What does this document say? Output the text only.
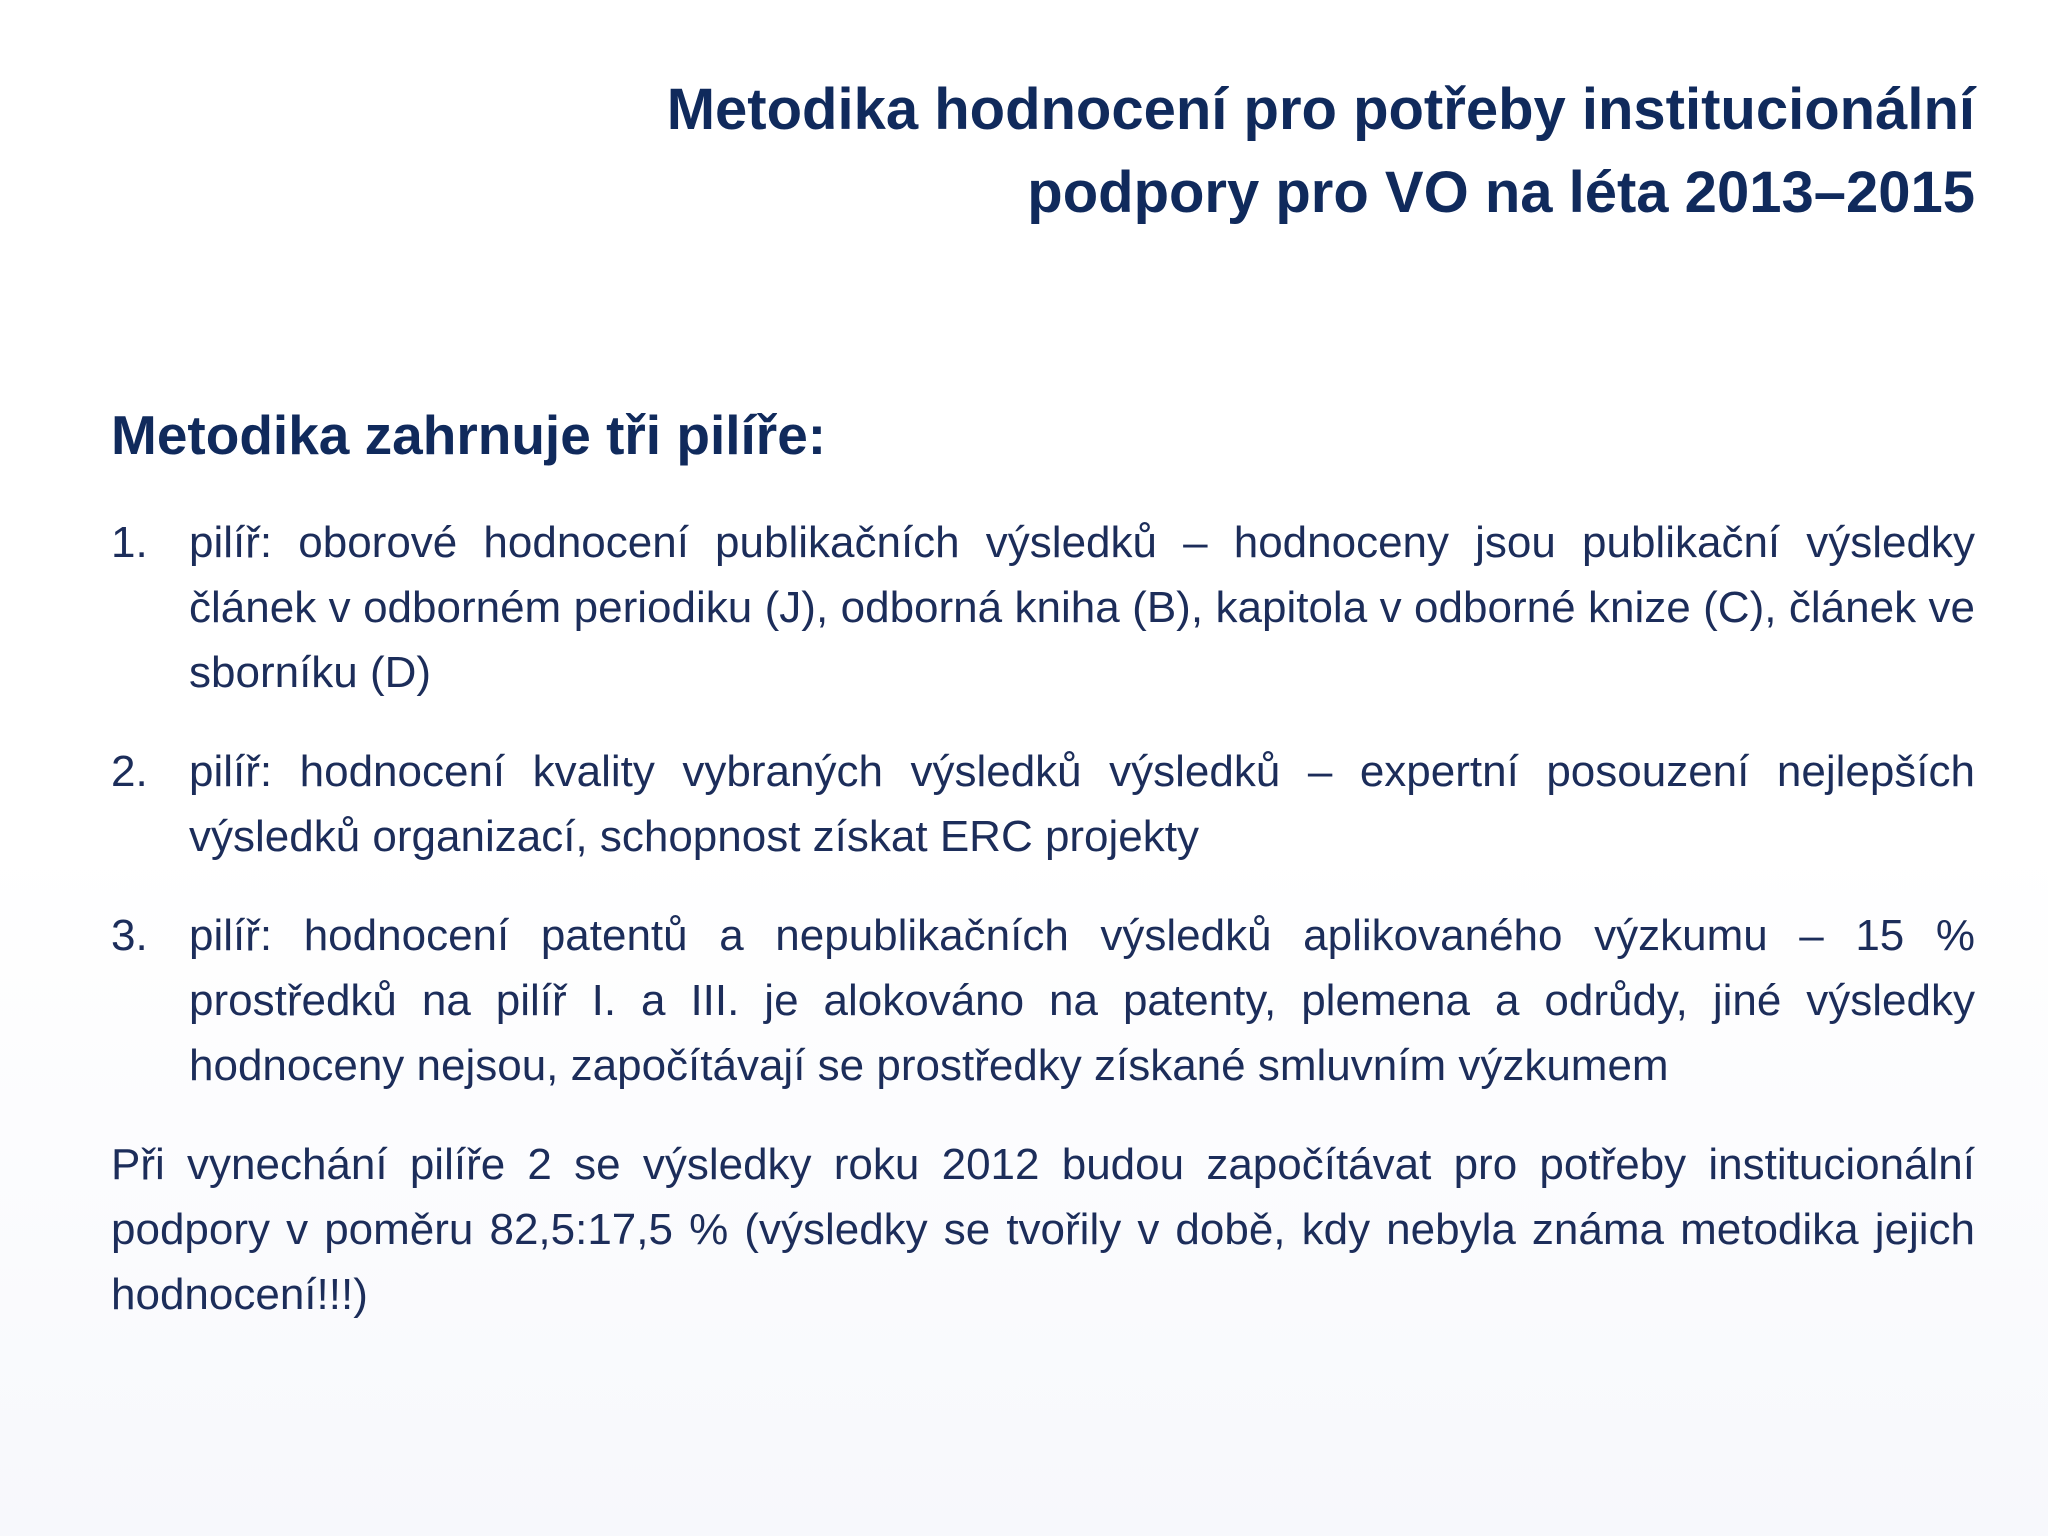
Metodika hodnocení pro potřeby institucionální podpory pro VO na léta 2013–2015
Metodika zahrnuje tři pilíře:
1. pilíř: oborové hodnocení publikačních výsledků – hodnoceny jsou publikační výsledky článek v odborném periodiku (J), odborná kniha (B), kapitola v odborné knize (C), článek ve sborníku (D)
2. pilíř: hodnocení kvality vybraných výsledků výsledků – expertní posouzení nejlepších výsledků organizací, schopnost získat ERC projekty
3. pilíř: hodnocení patentů a nepublikačních výsledků aplikovaného výzkumu – 15 % prostředků na pilíř I. a III. je alokováno na patenty, plemena a odrůdy, jiné výsledky hodnoceny nejsou, započítávají se prostředky získané smluvním výzkumem

Při vynechání pilíře 2 se výsledky roku 2012 budou započítávat pro potřeby institucionální podpory v poměru 82,5:17,5 % (výsledky se tvořily v době, kdy nebyla známa metodika jejich hodnocení!!!)
